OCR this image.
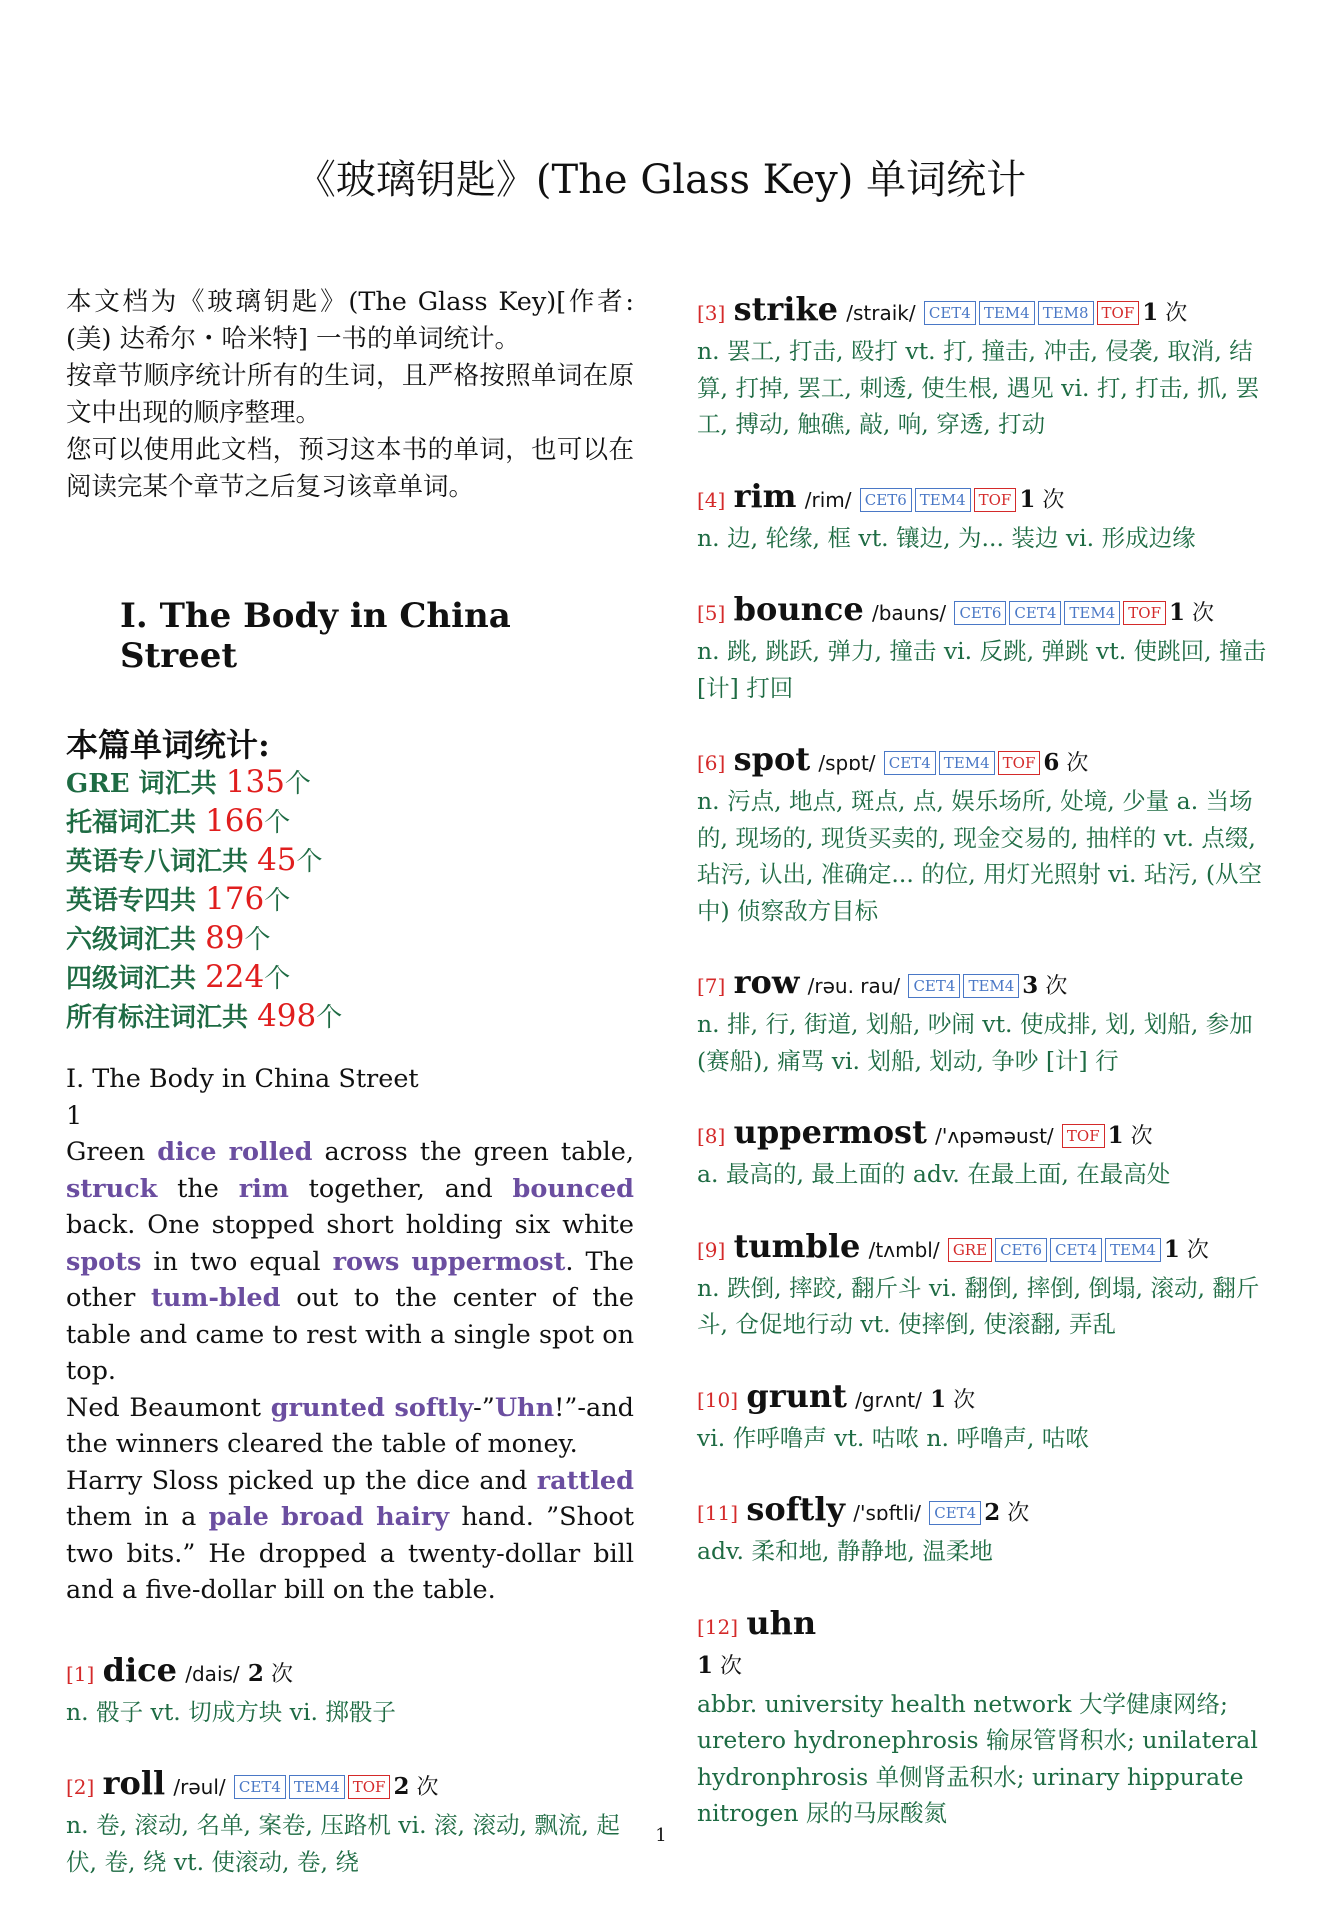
《玻璃钥匙》(The Glass Key) 单词统计

本文档为《玻璃钥匙》(The Glass Key)[作者: (美) 达希尔・哈米特] 一书的单词统计。

按章节顺序统计所有的生词，且严格按照单词在原文中出现的顺序整理。

您可以使用此文档，预习这本书的单词，也可以在阅读完某个章节之后复习该章单词。

I. The Body in China Street
本篇单词统计:
GRE 词汇共 135个
托福词汇共 166个
英语专八词汇共 45个
英语专四共 176个
六级词汇共 89个
四级词汇共 224个
所有标注词汇共 498个

I. The Body in China Street

1

Green dice rolled across the green table, struck the rim together, and bounced back. One stopped short holding six white spots in two equal rows uppermost. The other tum-bled out to the center of the table and came to rest with a single spot on top.

Ned Beaumont grunted softly-”Uhn!”-and the winners cleared the table of money.

Harry Sloss picked up the dice and rattled them in a pale broad hairy hand. ”Shoot two bits.” He dropped a twenty-dollar bill and a five-dollar bill on the table.

[1] dice /dais/ 2 次
n. 骰子 vt. 切成方块 vi. 掷骰子
[2] roll /rəul/ CET4 TEM4 TOF 2 次
n. 卷, 滚动, 名单, 案卷, 压路机 vi. 滚, 滚动, 飘流, 起伏, 卷, 绕 vt. 使滚动, 卷, 绕
[3] strike /straik/ CET4 TEM4 TEM8 TOF 1 次
n. 罢工, 打击, 殴打 vt. 打, 撞击, 冲击, 侵袭, 取消, 结算, 打掉, 罢工, 刺透, 使生根, 遇见 vi. 打, 打击, 抓, 罢工, 搏动, 触礁, 敲, 响, 穿透, 打动
[4] rim /rim/ CET6 TEM4 TOF 1 次
n. 边, 轮缘, 框 vt. 镶边, 为... 装边 vi. 形成边缘
[5] bounce /bauns/ CET6 CET4 TEM4 TOF 1 次
n. 跳, 跳跃, 弹力, 撞击 vi. 反跳, 弹跳 vt. 使跳回, 撞击 [计] 打回
[6] spot /spɒt/ CET4 TEM4 TOF 6 次
n. 污点, 地点, 斑点, 点, 娱乐场所, 处境, 少量 a. 当场的, 现场的, 现货买卖的, 现金交易的, 抽样的 vt. 点缀, 玷污, 认出, 准确定... 的位, 用灯光照射 vi. 玷污, (从空中) 侦察敌方目标
[7] row /rəu. rau/ CET4 TEM4 3 次
n. 排, 行, 街道, 划船, 吵闹 vt. 使成排, 划, 划船, 参加 (赛船), 痛骂 vi. 划船, 划动, 争吵 [计] 行
[8] uppermost /'ʌpəməust/ TOF 1 次
a. 最高的, 最上面的 adv. 在最上面, 在最高处
[9] tumble /tʌmbl/ GRE CET6 CET4 TEM4 1 次
n. 跌倒, 摔跤, 翻斤斗 vi. 翻倒, 摔倒, 倒塌, 滚动, 翻斤斗, 仓促地行动 vt. 使摔倒, 使滚翻, 弄乱
[10] grunt /grʌnt/ 1 次
vi. 作呼噜声 vt. 咕哝 n. 呼噜声, 咕哝
[11] softly /'sɒftli/ CET4 2 次
adv. 柔和地, 静静地, 温柔地
[12] uhn
1 次
abbr. university health network 大学健康网络; uretero hydronephrosis 输尿管肾积水; unilateral hydronphrosis 单侧肾盂积水; urinary hippurate nitrogen 尿的马尿酸氮
1
